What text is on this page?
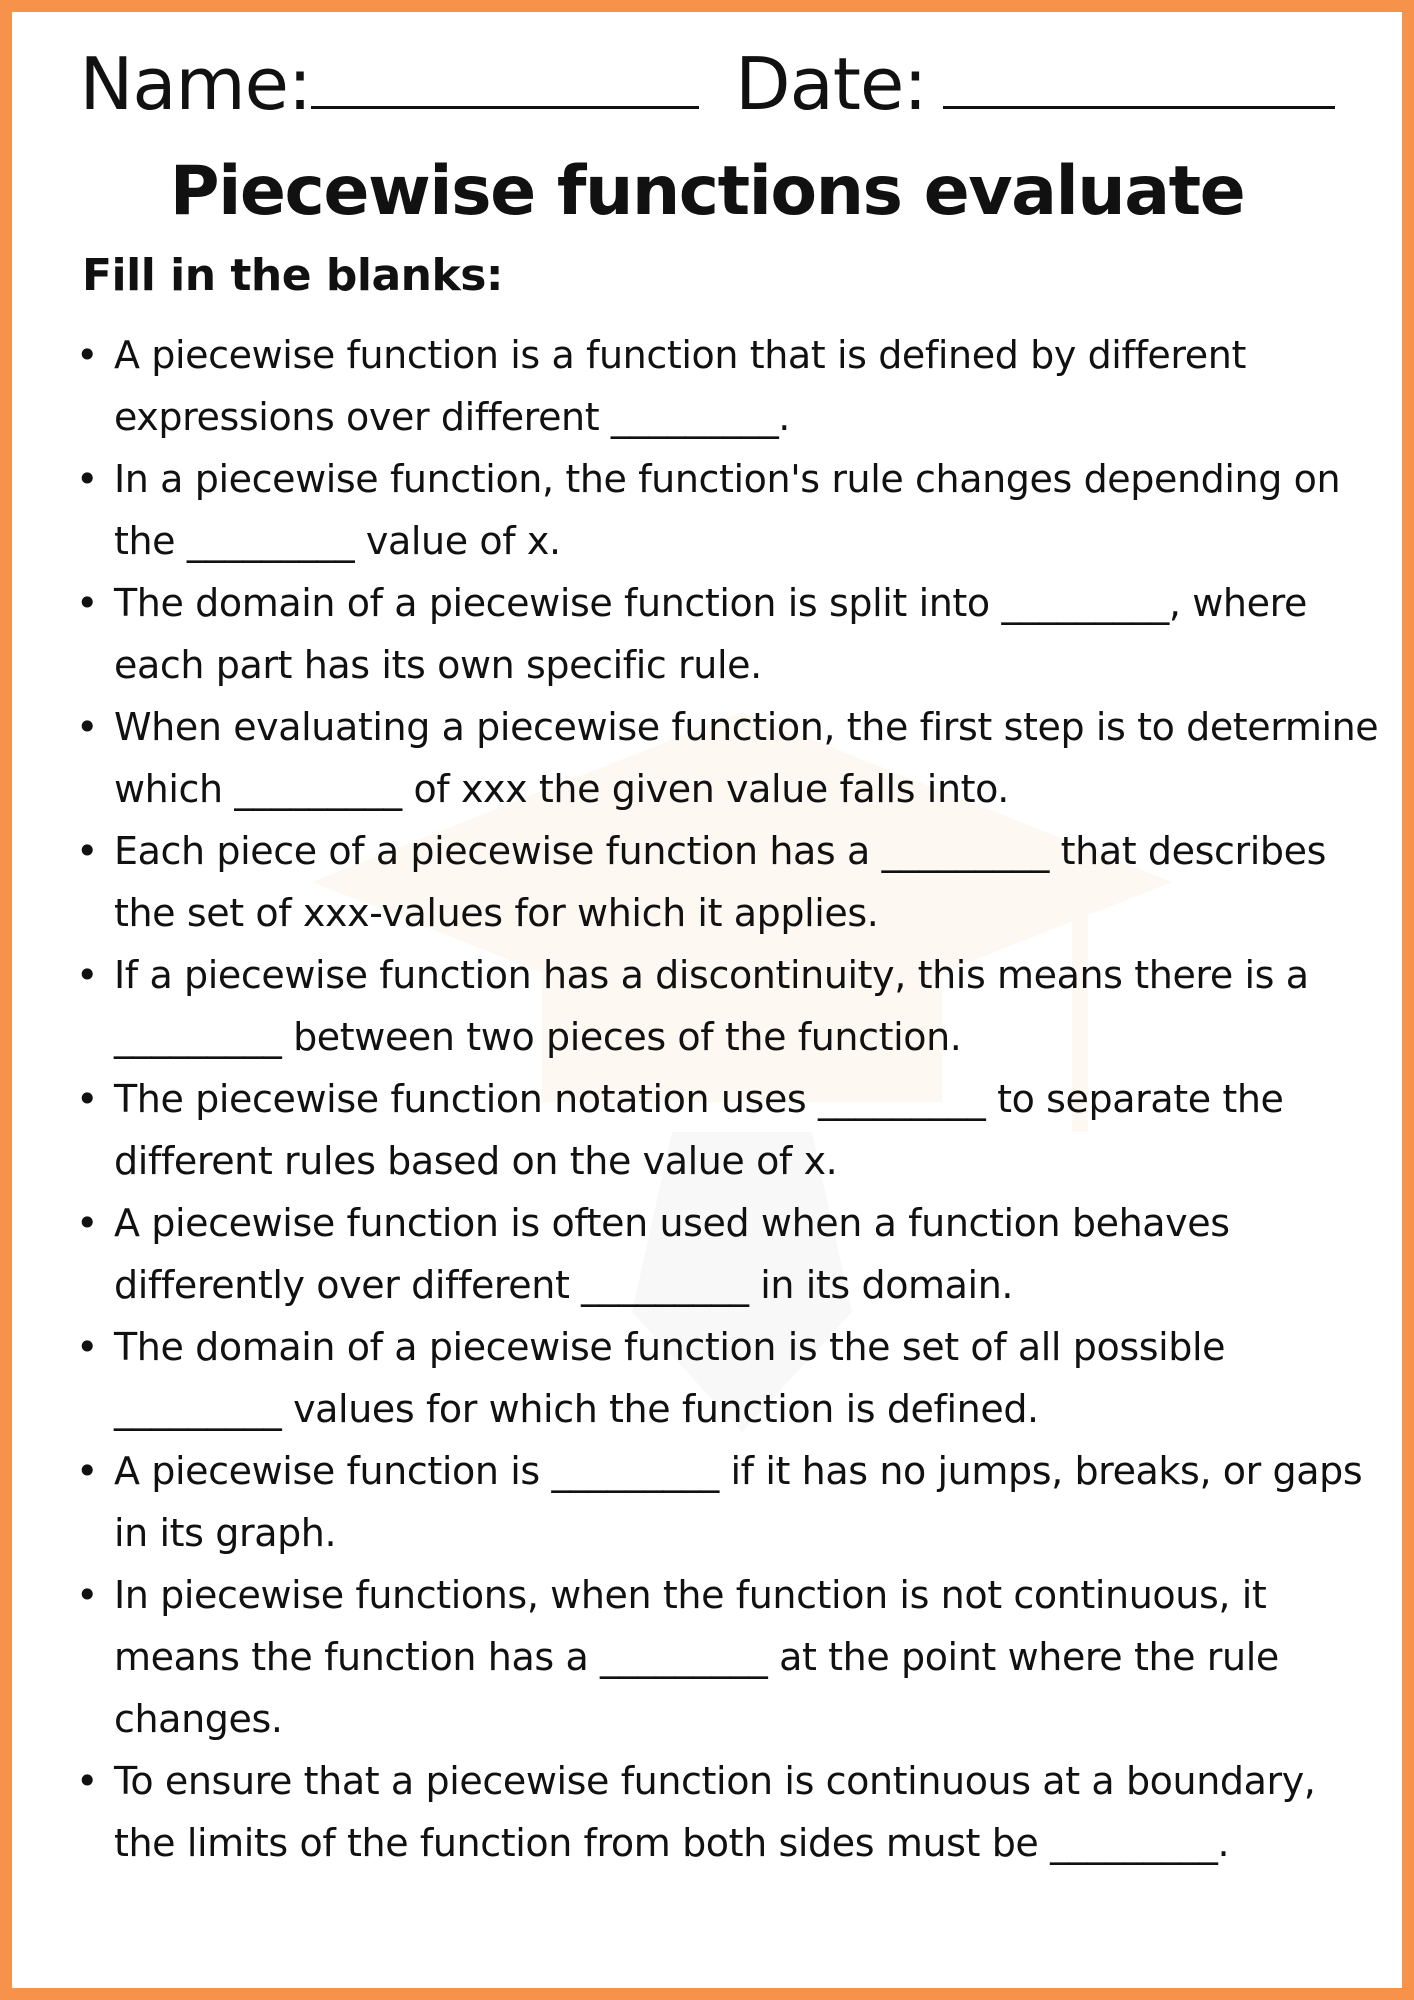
Name:	Date:
Piecewise functions evaluate
Fill in the blanks:
• A piecewise function is a function that is defined by different expressions over different _________.
• In a piecewise function, the function's rule changes depending on the _________ value of x.
• The domain of a piecewise function is split into _________, where each part has its own specific rule.
• When evaluating a piecewise function, the first step is to determine which _________ of xxx the given value falls into.
• Each piece of a piecewise function has a _________ that describes the set of xxx-values for which it applies.
• If a piecewise function has a discontinuity, this means there is a _________ between two pieces of the function.
• The piecewise function notation uses _________ to separate the different rules based on the value of x.
• A piecewise function is often used when a function behaves differently over different _________ in its domain.
• The domain of a piecewise function is the set of all possible _________ values for which the function is defined.
• A piecewise function is _________ if it has no jumps, breaks, or gaps in its graph.
• In piecewise functions, when the function is not continuous, it means the function has a _________ at the point where the rule changes.
• To ensure that a piecewise function is continuous at a boundary, the limits of the function from both sides must be _________.
